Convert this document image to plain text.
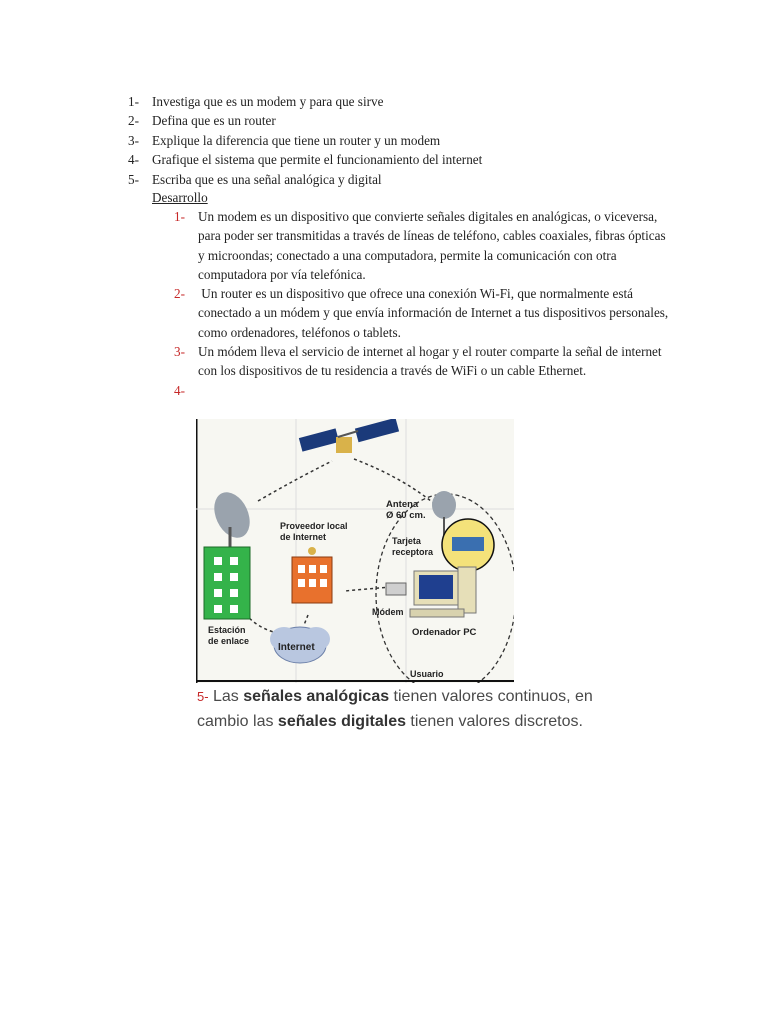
1- Investiga que es un modem y para que sirve
2- Defina que es un router
3- Explique la diferencia que tiene un router y un modem
4- Grafique el sistema que permite el funcionamiento del internet
5- Escriba que es una señal analógica y digital
Desarrollo
1- Un modem es un dispositivo que convierte señales digitales en analógicas, o viceversa, para poder ser transmitidas a través de líneas de teléfono, cables coaxiales, fibras ópticas y microondas; conectado a una computadora, permite la comunicación con otra computadora por vía telefónica.
2- Un router es un dispositivo que ofrece una conexión Wi-Fi, que normalmente está conectado a un módem y que envía información de Internet a tus dispositivos personales, como ordenadores, teléfonos o tablets.
3- Un módem lleva el servicio de internet al hogar y el router comparte la señal de internet con los dispositivos de tu residencia a través de WiFi o un cable Ethernet.
4-
Antena
Ø 60 cm.
Proveedor local
de Internet	Tarjeta
receptora
Módem
Ordenador PC
Estación
de enlace
Internet
Usuario
5- Las señales analógicas tienen valores continuos, en cambio las señales digitales tienen valores discretos.
